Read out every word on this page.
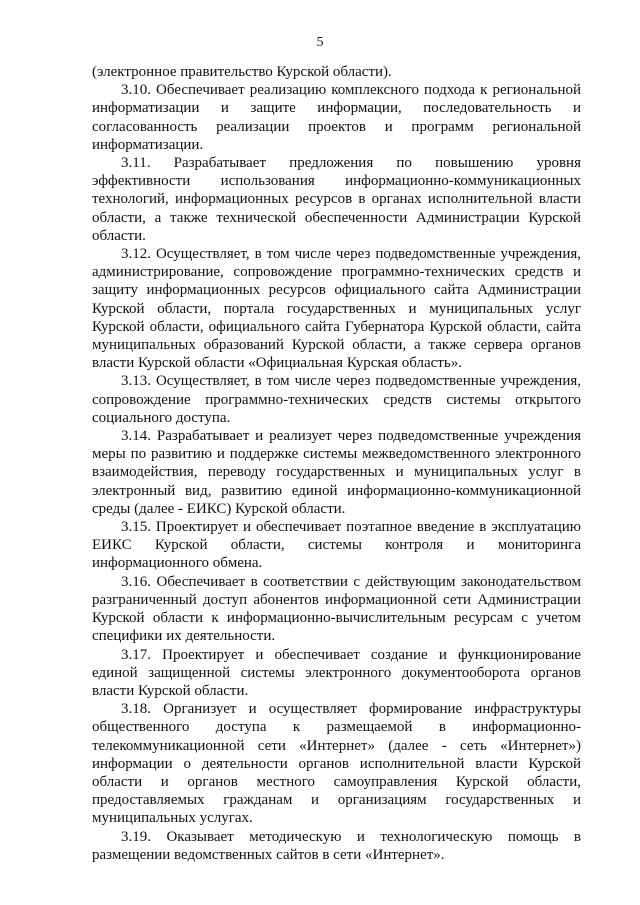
5

(электронное правительство Курской области).

3.10. Обеспечивает реализацию комплексного подхода к региональной информатизации и защите информации, последовательность и согласованность реализации проектов и программ региональной информатизации.

3.11. Разрабатывает предложения по повышению уровня эффективности использования информационно-коммуникационных технологий, информационных ресурсов в органах исполнительной власти области, а также технической обеспеченности Администрации Курской области.

3.12. Осуществляет, в том числе через подведомственные учреждения, администрирование, сопровождение программно-технических средств и защиту информационных ресурсов официального сайта Администрации Курской области, портала государственных и муниципальных услуг Курской области, официального сайта Губернатора Курской области, сайта муниципальных образований Курской области, а также сервера органов власти Курской области «Официальная Курская область».

3.13. Осуществляет, в том числе через подведомственные учреждения, сопровождение программно-технических средств системы открытого социального доступа.

3.14. Разрабатывает и реализует через подведомственные учреждения меры по развитию и поддержке системы межведомственного электронного взаимодействия, переводу государственных и муниципальных услуг в электронный вид, развитию единой информационно-коммуникационной среды (далее - ЕИКС) Курской области.

3.15. Проектирует и обеспечивает поэтапное введение в эксплуатацию ЕИКС Курской области, системы контроля и мониторинга информационного обмена.

3.16. Обеспечивает в соответствии с действующим законодательством разграниченный доступ абонентов информационной сети Администрации Курской области к информационно-вычислительным ресурсам с учетом специфики их деятельности.

3.17. Проектирует и обеспечивает создание и функционирование единой защищенной системы электронного документооборота органов власти Курской области.

3.18. Организует и осуществляет формирование инфраструктуры общественного доступа к размещаемой в информационно-телекоммуникационной сети «Интернет» (далее - сеть «Интернет») информации о деятельности органов исполнительной власти Курской области и органов местного самоуправления Курской области, предоставляемых гражданам и организациям государственных и муниципальных услугах.

3.19. Оказывает методическую и технологическую помощь в размещении ведомственных сайтов в сети «Интернет».
